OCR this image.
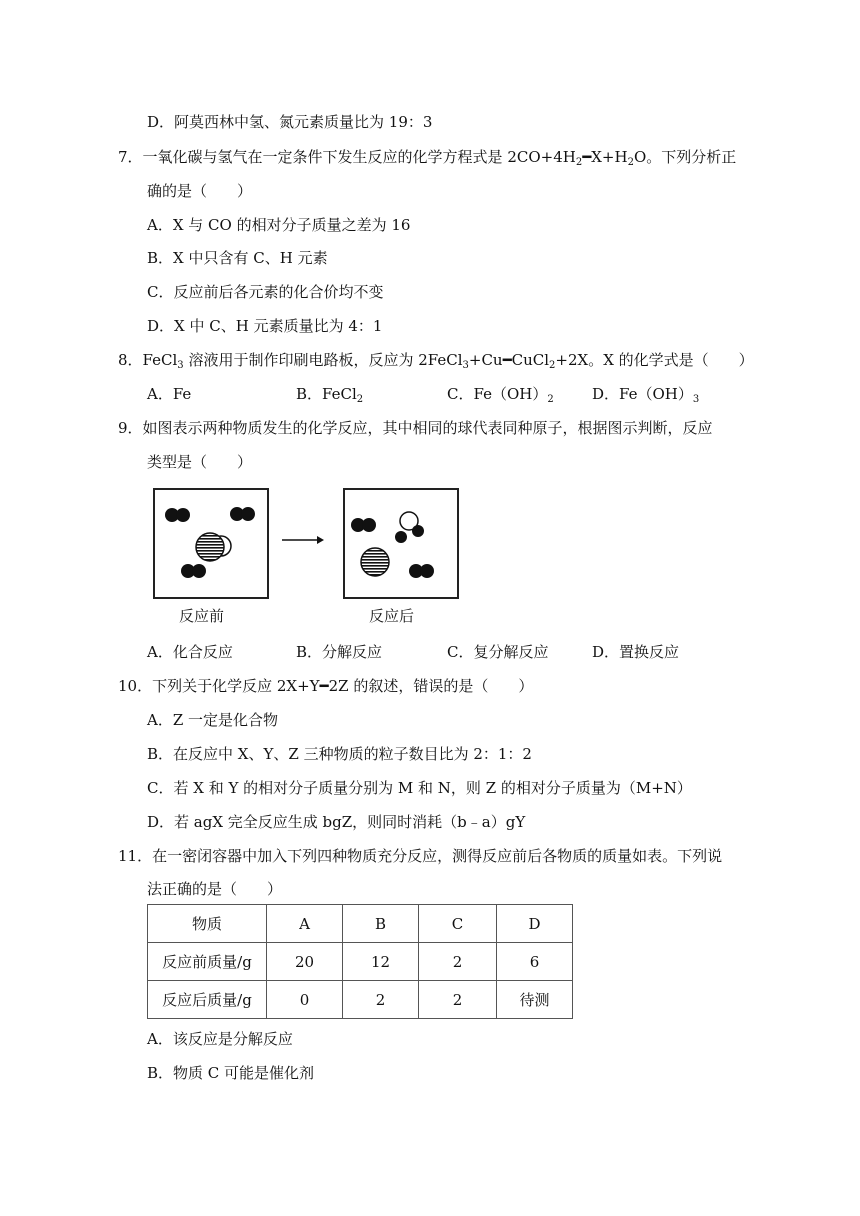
D．阿莫西林中氢、氮元素质量比为 19：3
7．一氧化碳与氢气在一定条件下发生反应的化学方程式是 $2CO+4H_2━X+H_2O$。下列分析正
确的是（　　）
A．X 与 CO 的相对分子质量之差为 16
B．X 中只含有 C、H 元素
C．反应前后各元素的化合价均不变
D．X 中 C、H 元素质量比为 4：1
8．FeCl$_3$ 溶液用于制作印刷电路板，反应为 2FeCl$_3$+Cu━CuCl$_2$+2X。X 的化学式是（　　）
A．Fe	B．FeCl$_2$	C．$Fe(OH)_2$	D．$Fe(OH)_3$
9．如图表示两种物质发生的化学反应，其中相同的球代表同种原子，根据图示判断，反应
类型是（　　）
反应前	反应后
A．化合反应	B．分解反应	C．复分解反应	D．置换反应
10．下列关于化学反应 2X+Y━2Z 的叙述，错误的是（　　）
A．Z 一定是化合物
B．在反应中 X、Y、Z 三种物质的粒子数目比为 2：1：2
C．若 X 和 Y 的相对分子质量分别为 M 和 N，则 Z 的相对分子质量为（M+N）
D．若 agX 完全反应生成 bgZ，则同时消耗（b﹣a）gY
11．在一密闭容器中加入下列四种物质充分反应，测得反应前后各物质的质量如表。下列说
法正确的是（　　）
物质	A	B	C	D
反应前质量/g	20	12	2	6
反应后质量/g	0	2	2	待测
A．该反应是分解反应
B．物质 C 可能是催化剂
